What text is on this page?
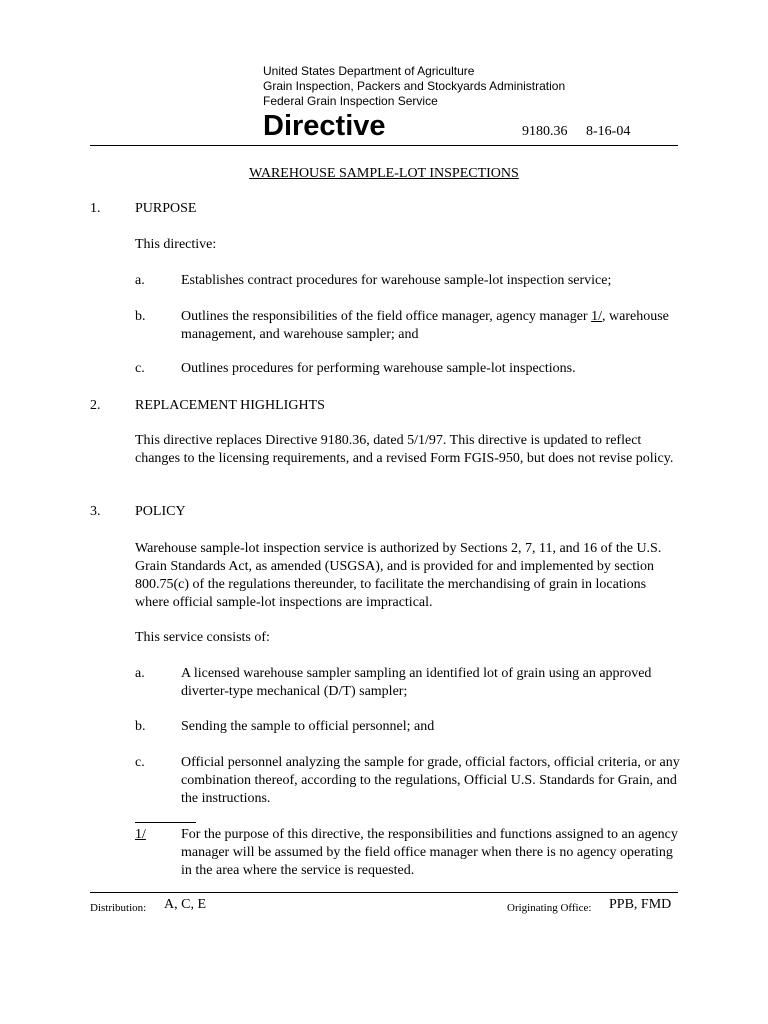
United States Department of Agriculture
Grain Inspection, Packers and Stockyards Administration
Federal Grain Inspection Service
Directive	9180.36 8-16-04
WAREHOUSE SAMPLE-LOT INSPECTIONS
1. PURPOSE
This directive:
a.	Establishes contract procedures for warehouse sample-lot inspection service;
b.	Outlines the responsibilities of the field office manager, agency manager 1/, warehouse management, and warehouse sampler; and
c.	Outlines procedures for performing warehouse sample-lot inspections.
2. REPLACEMENT HIGHLIGHTS
This directive replaces Directive 9180.36, dated 5/1/97. This directive is updated to reflect changes to the licensing requirements, and a revised Form FGIS-950, but does not revise policy.
3. POLICY
Warehouse sample-lot inspection service is authorized by Sections 2, 7, 11, and 16 of the U.S. Grain Standards Act, as amended (USGSA), and is provided for and implemented by section 800.75(c) of the regulations thereunder, to facilitate the merchandising of grain in locations where official sample-lot inspections are impractical.
This service consists of:
a.	A licensed warehouse sampler sampling an identified lot of grain using an approved diverter-type mechanical (D/T) sampler;
b.	Sending the sample to official personnel; and
c.	Official personnel analyzing the sample for grade, official factors, official criteria, or any combination thereof, according to the regulations, Official U.S. Standards for Grain, and the instructions.
1/	For the purpose of this directive, the responsibilities and functions assigned to an agency manager will be assumed by the field office manager when there is no agency operating in the area where the service is requested.
Distribution: A, C, E	Originating Office: PPB, FMD
